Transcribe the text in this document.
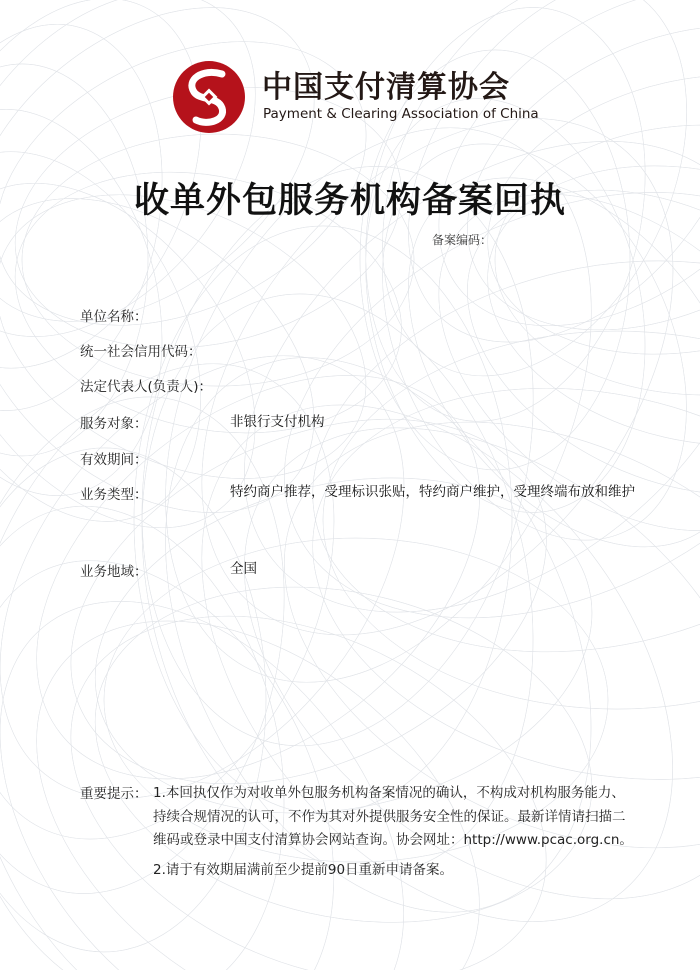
中国支付清算协会
Payment & Clearing Association of China
收单外包服务机构备案回执
备案编码：
单位名称：
统一社会信用代码：
法定代表人(负责人)：
服务对象：	非银行支付机构
有效期间：
业务类型：	特约商户推荐，受理标识张贴，特约商户维护，受理终端布放和维护
业务地域：	全国
重要提示： 1.本回执仅作为对收单外包服务机构备案情况的确认，不构成对机构服务能力、持续合规情况的认可，不作为其对外提供服务安全性的保证。最新详情请扫描二维码或登录中国支付清算协会网站查询。协会网址：http://www.pcac.org.cn。

2.请于有效期届满前至少提前90日重新申请备案。
